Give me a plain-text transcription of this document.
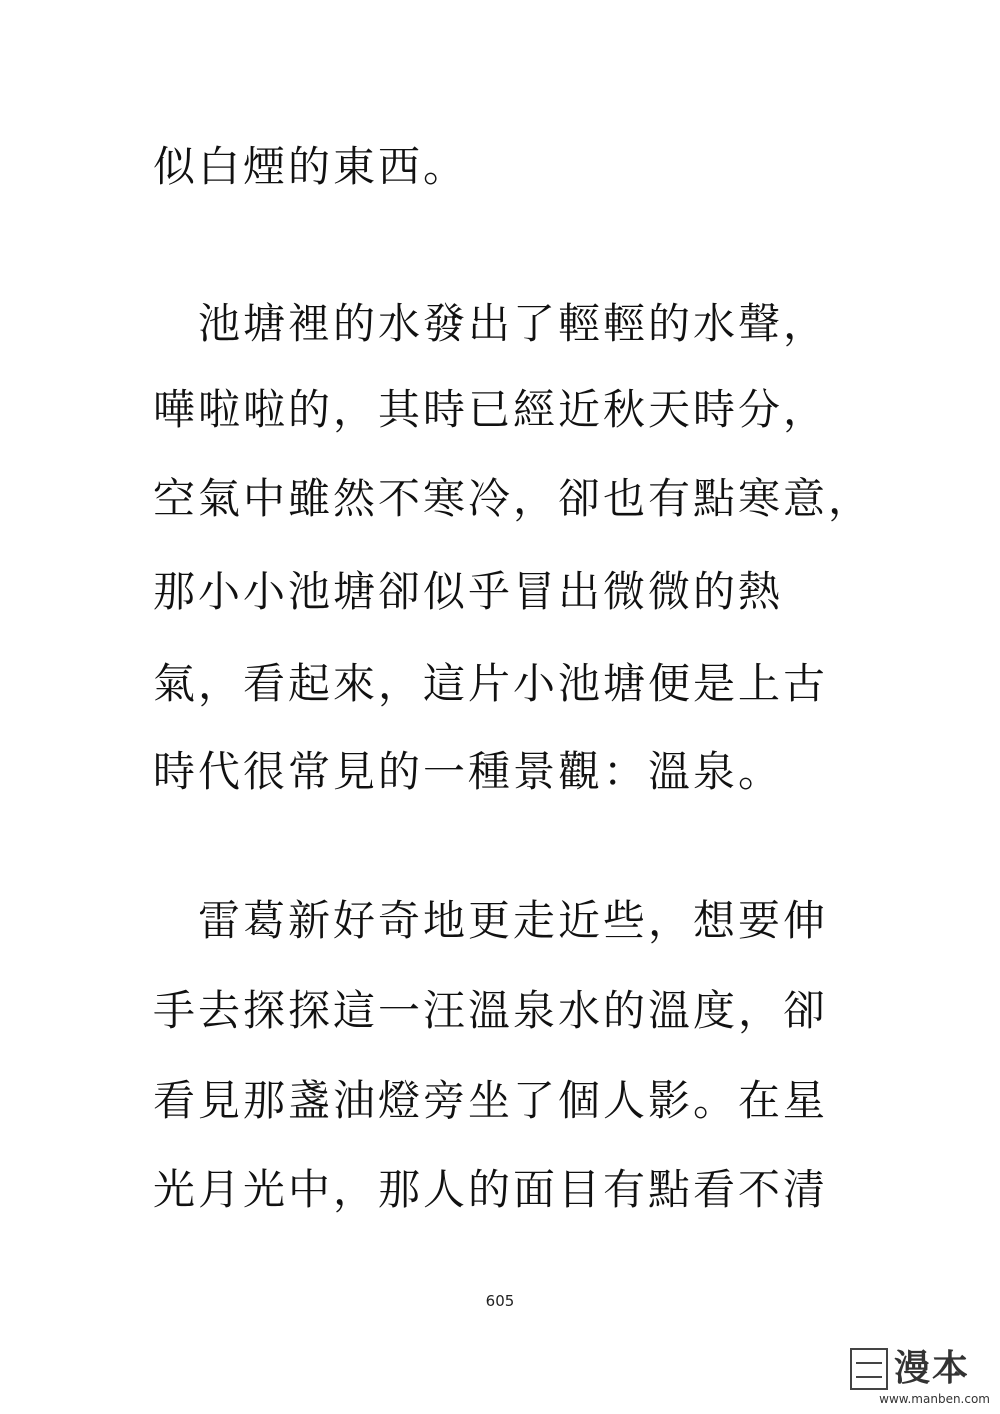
似白煙的東西。
　池塘裡的水發出了輕輕的水聲，
嘩啦啦的，其時已經近秋天時分，
空氣中雖然不寒冷，卻也有點寒意，
那小小池塘卻似乎冒出微微的熱
氣，看起來，這片小池塘便是上古
時代很常見的一種景觀：溫泉。
　雷葛新好奇地更走近些，想要伸
手去探探這一汪溫泉水的溫度，卻
看見那盞油燈旁坐了個人影。在星
光月光中，那人的面目有點看不清
605
漫本
www.manben.com
